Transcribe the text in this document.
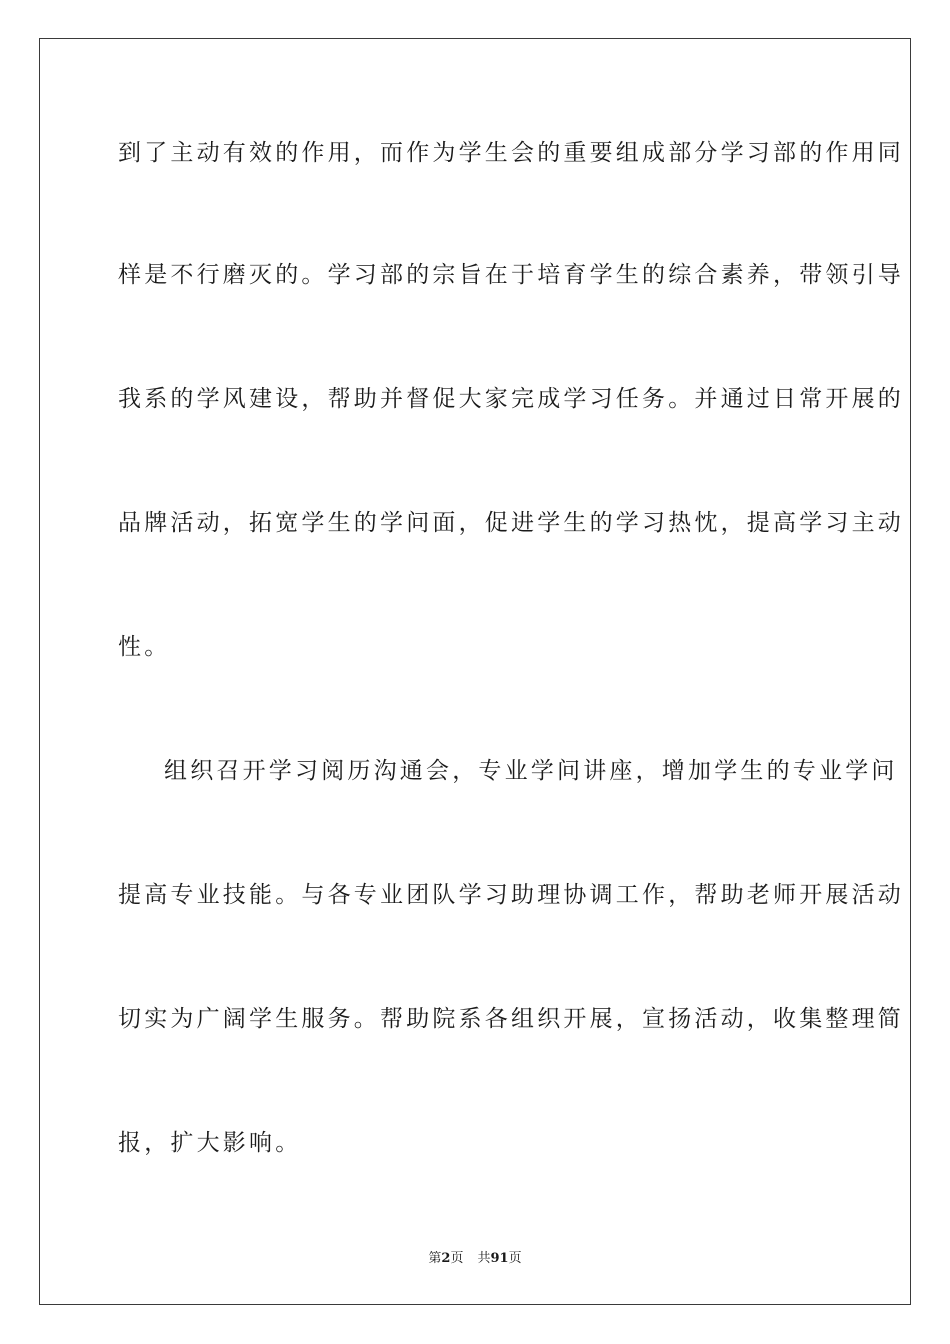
到了主动有效的作用，而作为学生会的重要组成部分学习部的作用同
样是不行磨灭的。学习部的宗旨在于培育学生的综合素养，带领引导
我系的学风建设，帮助并督促大家完成学习任务。并通过日常开展的
品牌活动，拓宽学生的学问面，促进学生的学习热忱，提高学习主动
性。
组织召开学习阅历沟通会，专业学问讲座，增加学生的专业学问
提高专业技能。与各专业团队学习助理协调工作，帮助老师开展活动
切实为广阔学生服务。帮助院系各组织开展，宣扬活动，收集整理简
报，扩大影响。
第2页 共91页
